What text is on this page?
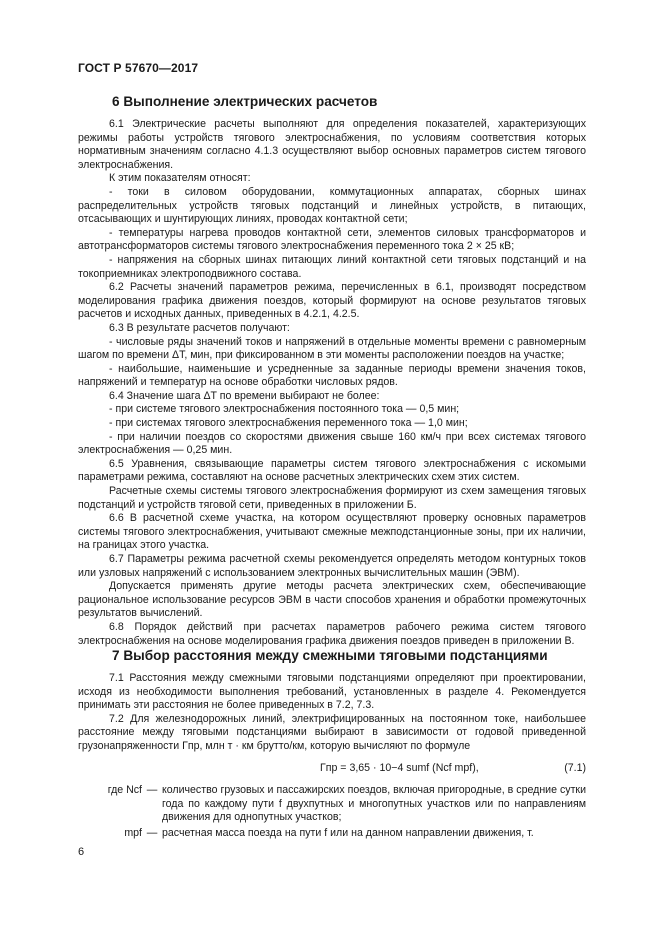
ГОСТ Р 57670—2017
6 Выполнение электрических расчетов

6.1 Электрические расчеты выполняют для определения показателей, характеризующих режимы работы устройств тягового электроснабжения, по условиям соответствия которых нормативным значениям согласно 4.1.3 осуществляют выбор основных параметров систем тягового электроснабжения.

К этим показателям относят:

- токи в силовом оборудовании, коммутационных аппаратах, сборных шинах распределительных устройств тяговых подстанций и линейных устройств, в питающих, отсасывающих и шунтирующих линиях, проводах контактной сети;

- температуры нагрева проводов контактной сети, элементов силовых трансформаторов и автотрансформаторов системы тягового электроснабжения переменного тока 2 × 25 кВ;

- напряжения на сборных шинах питающих линий контактной сети тяговых подстанций и на токоприемниках электроподвижного состава.

6.2 Расчеты значений параметров режима, перечисленных в 6.1, производят посредством моделирования графика движения поездов, который формируют на основе результатов тяговых расчетов и исходных данных, приведенных в 4.2.1, 4.2.5.

6.3 В результате расчетов получают:

- числовые ряды значений токов и напряжений в отдельные моменты времени с равномерным шагом по времени ΔT, мин, при фиксированном в эти моменты расположении поездов на участке;

- наибольшие, наименьшие и усредненные за заданные периоды времени значения токов, напряжений и температур на основе обработки числовых рядов.

6.4 Значение шага ΔT по времени выбирают не более:

- при системе тягового электроснабжения постоянного тока — 0,5 мин;

- при системах тягового электроснабжения переменного тока — 1,0 мин;

- при наличии поездов со скоростями движения свыше 160 км/ч при всех системах тягового электроснабжения — 0,25 мин.

6.5 Уравнения, связывающие параметры систем тягового электроснабжения с искомыми параметрами режима, составляют на основе расчетных электрических схем этих систем.

Расчетные схемы системы тягового электроснабжения формируют из схем замещения тяговых подстанций и устройств тяговой сети, приведенных в приложении Б.

6.6 В расчетной схеме участка, на котором осуществляют проверку основных параметров системы тягового электроснабжения, учитывают смежные межподстанционные зоны, при их наличии, на границах этого участка.

6.7 Параметры режима расчетной схемы рекомендуется определять методом контурных токов или узловых напряжений с использованием электронных вычислительных машин (ЭВМ).

Допускается применять другие методы расчета электрических схем, обеспечивающие рациональное использование ресурсов ЭВМ в части способов хранения и обработки промежуточных результатов вычислений.

6.8 Порядок действий при расчетах параметров рабочего режима систем тягового электроснабжения на основе моделирования графика движения поездов приведен в приложении В.

7 Выбор расстояния между смежными тяговыми подстанциями

7.1 Расстояния между смежными тяговыми подстанциями определяют при проектировании, исходя из необходимости выполнения требований, установленных в разделе 4. Рекомендуется принимать эти расстояния не более приведенных в 7.2, 7.3.

7.2 Для железнодорожных линий, электрифицированных на постоянном токе, наибольшее расстояние между тяговыми подстанциями выбирают в зависимости от годовой приведенной грузонапряженности Гпр, млн т · км брутто/км, которую вычисляют по формуле

Гпр = 3,65 · 10−4 sumf (Ncf mpf),	(7.1)
где Ncf — количество грузовых и пассажирских поездов, включая пригородные, в средние сутки года по каждому пути f двухпутных и многопутных участков или по направлениям движения для однопутных участков;
mpf — расчетная масса поезда на пути f или на данном направлении движения, т.
6
